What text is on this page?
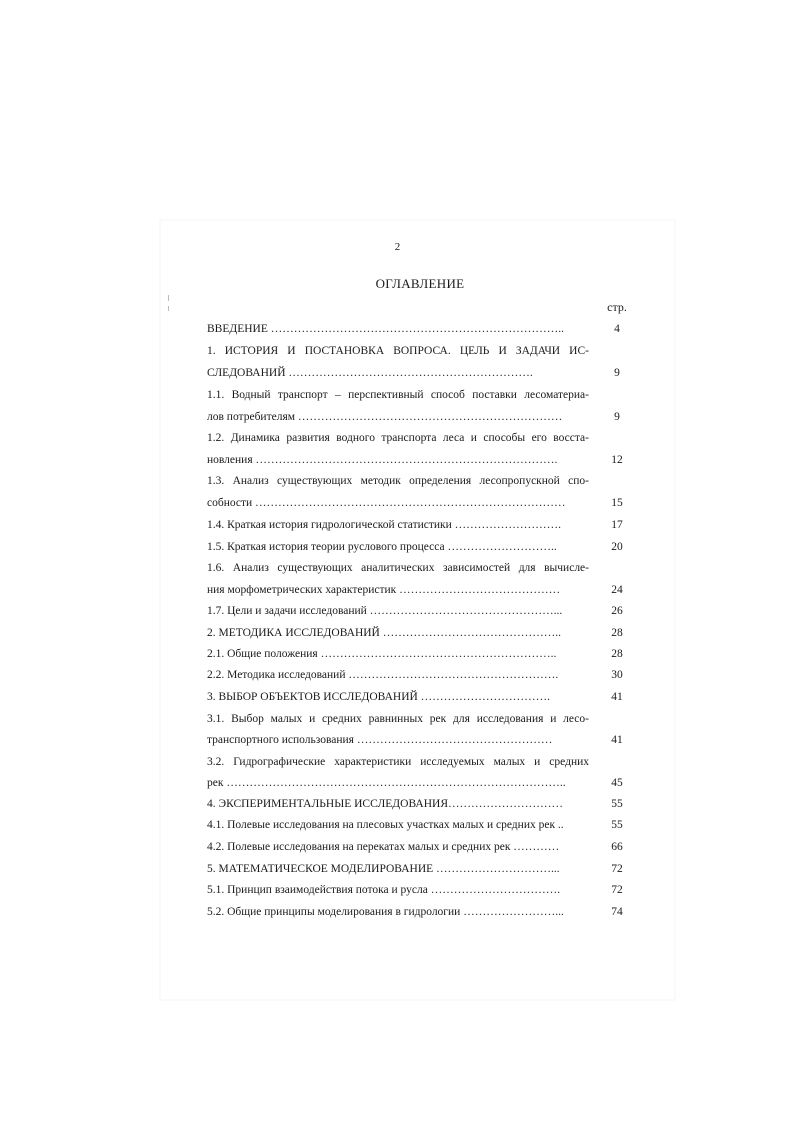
2
ОГЛАВЛЕНИЕ
стр.
ВВЕДЕНИЕ …………………………………………………………………..	4
1. ИСТОРИЯ И ПОСТАНОВКА ВОПРОСА. ЦЕЛЬ И ЗАДАЧИ ИС-
СЛЕДОВАНИЙ ……………………………………………………….	9
1.1. Водный транспорт – перспективный способ поставки лесоматериа-
лов потребителям ……………………………………………………………	9
1.2. Динамика развития водного транспорта леса и способы его восста-
новления …………………………………………………………………….	12
1.3. Анализ существующих методик определения лесопропускной спо-
собности ………………………………………………………………………	15
1.4. Краткая история гидрологической статистики ……………………….	17
1.5. Краткая история теории руслового процесса ………………………..	20
1.6. Анализ существующих аналитических зависимостей для вычисле-
ния морфометрических характеристик ……………………………………	24
1.7. Цели и задачи исследований …………………………………………...	26
2. МЕТОДИКА ИССЛЕДОВАНИЙ ………………………………………..	28
2.1. Общие положения ……………………………………………………..	28
2.2. Методика исследований ……………………………………………….	30
3. ВЫБОР ОБЪЕКТОВ ИССЛЕДОВАНИЙ …………………………….	41
3.1. Выбор малых и средних равнинных рек для исследования и лесо-
транспортного использования ……………………………………………	41
3.2. Гидрографические характеристики исследуемых малых и средних
рек ……………………………………………………………………………..	45
4. ЭКСПЕРИМЕНТАЛЬНЫЕ ИССЛЕДОВАНИЯ…………………………	55
4.1. Полевые исследования на плесовых участках малых и средних рек ..	55
4.2. Полевые исследования на перекатах малых и средних рек …………	66
5. МАТЕМАТИЧЕСКОЕ МОДЕЛИРОВАНИЕ …………………………...	72
5.1. Принцип взаимодействия потока и русла …………………………….	72
5.2. Общие принципы моделирования в гидрологии ……………………...	74
